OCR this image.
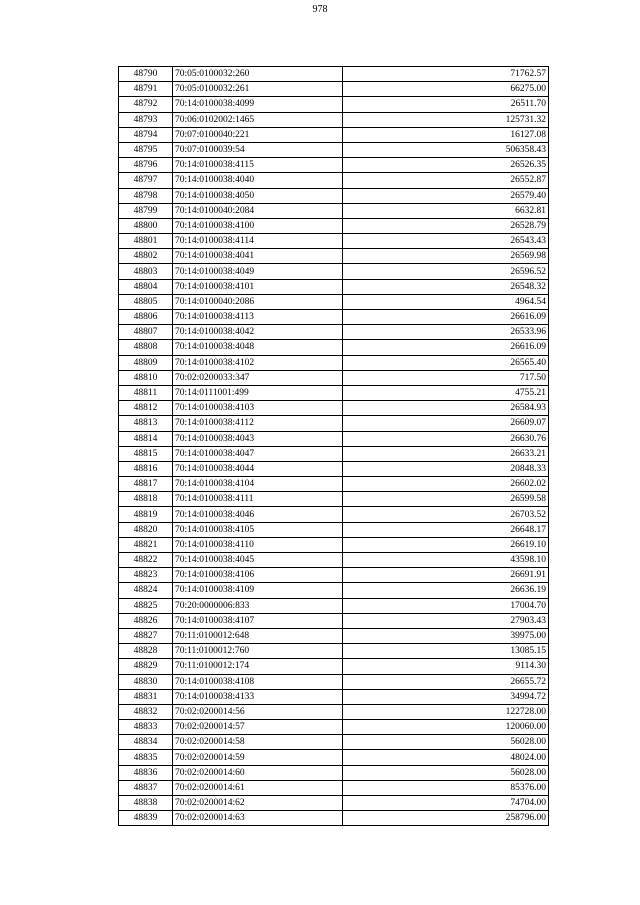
978
48790	70:05:0100032:260	71762.57
48791	70:05:0100032:261	66275.00
48792	70:14:0100038:4099	26511.70
48793	70:06:0102002:1465	125731.32
48794	70:07:0100040:221	16127.08
48795	70:07:0100039:54	506358.43
48796	70:14:0100038:4115	26526.35
48797	70:14:0100038:4040	26552.87
48798	70:14:0100038:4050	26579.40
48799	70:14:0100040:2084	6632.81
48800	70:14:0100038:4100	26528.79
48801	70:14:0100038:4114	26543.43
48802	70:14:0100038:4041	26569.98
48803	70:14:0100038:4049	26596.52
48804	70:14:0100038:4101	26548.32
48805	70:14:0100040:2086	4964.54
48806	70:14:0100038:4113	26616.09
48807	70:14:0100038:4042	26533.96
48808	70:14:0100038:4048	26616.09
48809	70:14:0100038:4102	26565.40
48810	70:02:0200033:347	717.50
48811	70:14:0111001:499	4755.21
48812	70:14:0100038:4103	26584.93
48813	70:14:0100038:4112	26609.07
48814	70:14:0100038:4043	26630.76
48815	70:14:0100038:4047	26633.21
48816	70:14:0100038:4044	20848.33
48817	70:14:0100038:4104	26602.02
48818	70:14:0100038:4111	26599.58
48819	70:14:0100038:4046	26703.52
48820	70:14:0100038:4105	26648.17
48821	70:14:0100038:4110	26619.10
48822	70:14:0100038:4045	43598.10
48823	70:14:0100038:4106	26691.91
48824	70:14:0100038:4109	26636.19
48825	70:20:0000006:833	17004.70
48826	70:14:0100038:4107	27903.43
48827	70:11:0100012:648	39975.00
48828	70:11:0100012:760	13085.15
48829	70:11:0100012:174	9114.30
48830	70:14:0100038:4108	26655.72
48831	70:14:0100038:4133	34994.72
48832	70:02:0200014:56	122728.00
48833	70:02:0200014:57	120060.00
48834	70:02:0200014:58	56028.00
48835	70:02:0200014:59	48024.00
48836	70:02:0200014:60	56028.00
48837	70:02:0200014:61	85376.00
48838	70:02:0200014:62	74704.00
48839	70:02:0200014:63	258796.00
